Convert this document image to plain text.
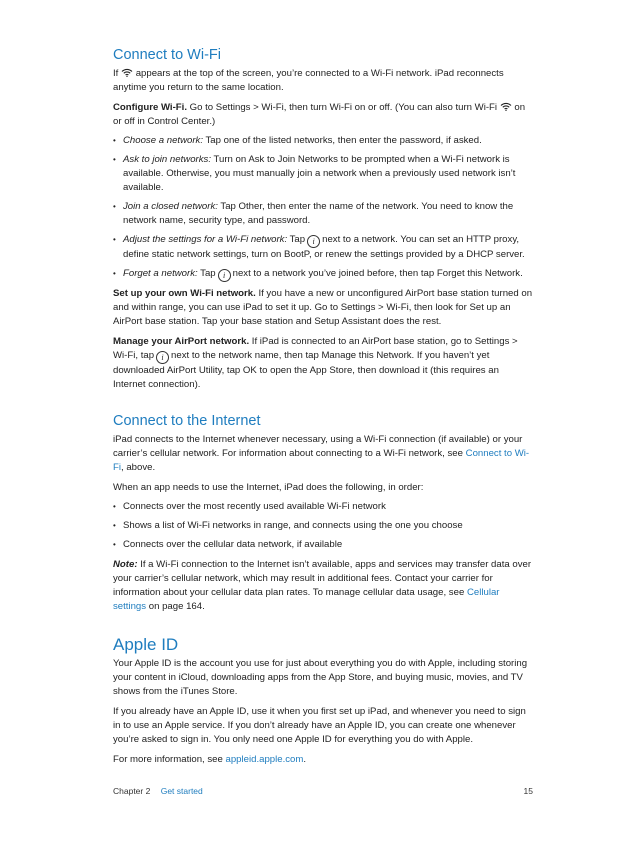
Connect to Wi-Fi

If appears at the top of the screen, you’re connected to a Wi-Fi network. iPad reconnects anytime you return to the same location.

Configure Wi-Fi. Go to Settings > Wi-Fi, then turn Wi-Fi on or off. (You can also turn Wi-Fi on or off in Control Center.)

• Choose a network: Tap one of the listed networks, then enter the password, if asked.
• Ask to join networks: Turn on Ask to Join Networks to be prompted when a Wi-Fi network is available. Otherwise, you must manually join a network when a previously used network isn’t available.
• Join a closed network: Tap Other, then enter the name of the network. You need to know the network name, security type, and password.
• Adjust the settings for a Wi-Fi network: Tap i next to a network. You can set an HTTP proxy, define static network settings, turn on BootP, or renew the settings provided by a DHCP server.
• Forget a network: Tap i next to a network you’ve joined before, then tap Forget this Network.

Set up your own Wi-Fi network. If you have a new or unconfigured AirPort base station turned on and within range, you can use iPad to set it up. Go to Settings > Wi-Fi, then look for Set up an AirPort base station. Tap your base station and Setup Assistant does the rest.

Manage your AirPort network. If iPad is connected to an AirPort base station, go to Settings > Wi-Fi, tap i next to the network name, then tap Manage this Network. If you haven’t yet downloaded AirPort Utility, tap OK to open the App Store, then download it (this requires an Internet connection).

Connect to the Internet

iPad connects to the Internet whenever necessary, using a Wi-Fi connection (if available) or your carrier’s cellular network. For information about connecting to a Wi-Fi network, see Connect to Wi-Fi, above.

When an app needs to use the Internet, iPad does the following, in order:

• Connects over the most recently used available Wi-Fi network
• Shows a list of Wi-Fi networks in range, and connects using the one you choose
• Connects over the cellular data network, if available

Note: If a Wi-Fi connection to the Internet isn’t available, apps and services may transfer data over your carrier’s cellular network, which may result in additional fees. Contact your carrier for information about your cellular data plan rates. To manage cellular data usage, see Cellular settings on page 164.

Apple ID

Your Apple ID is the account you use for just about everything you do with Apple, including storing your content in iCloud, downloading apps from the App Store, and buying music, movies, and TV shows from the iTunes Store.

If you already have an Apple ID, use it when you first set up iPad, and whenever you need to sign in to use an Apple service. If you don’t already have an Apple ID, you can create one whenever you’re asked to sign in. You only need one Apple ID for everything you do with Apple.

For more information, see appleid.apple.com.

Chapter 2 Get started	15
